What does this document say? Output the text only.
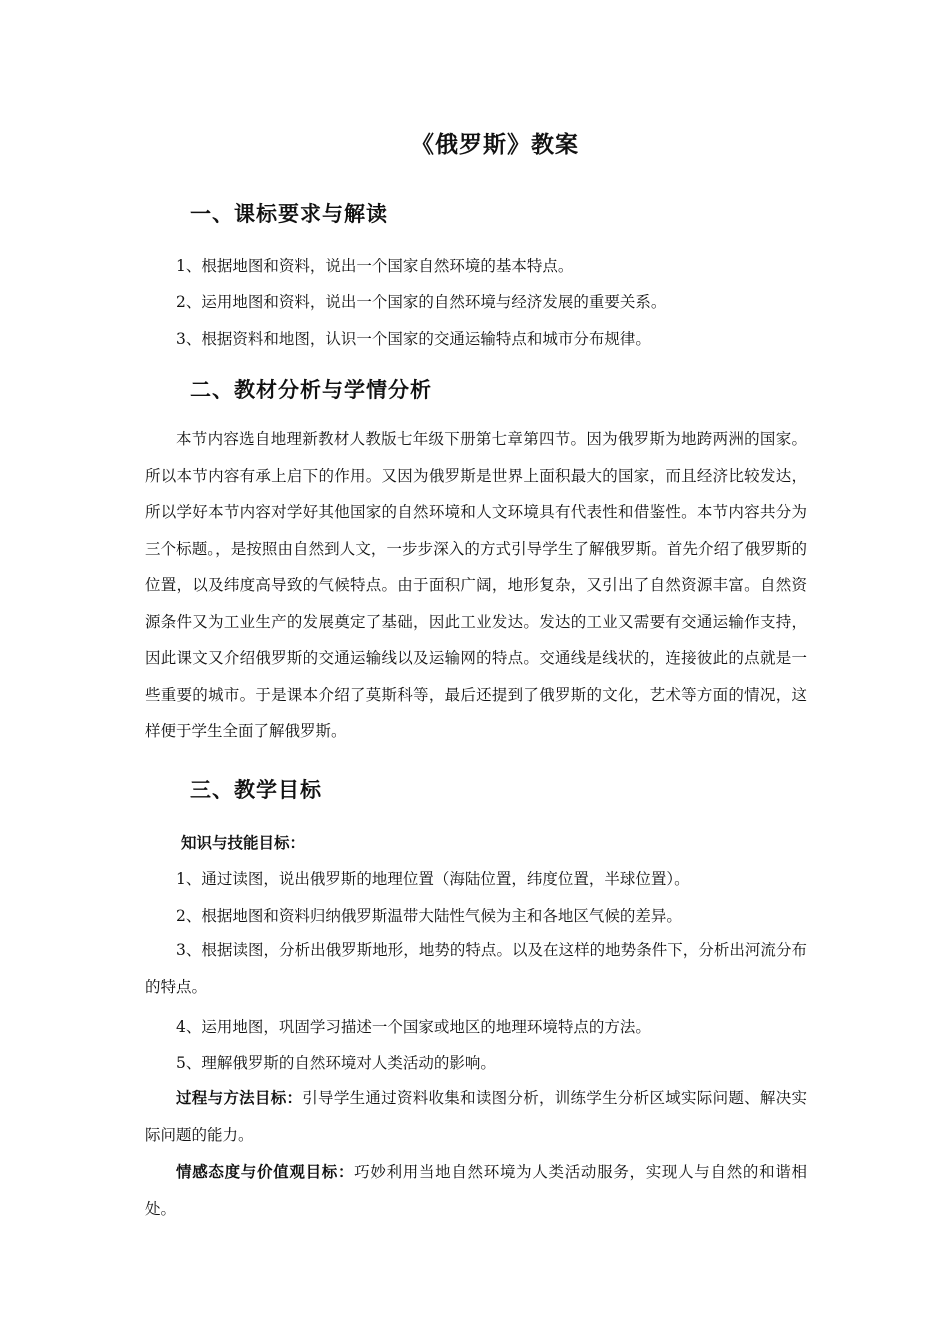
《俄罗斯》教案
一、课标要求与解读
1、根据地图和资料，说出一个国家自然环境的基本特点。
2、运用地图和资料，说出一个国家的自然环境与经济发展的重要关系。
3、根据资料和地图，认识一个国家的交通运输特点和城市分布规律。
二、教材分析与学情分析

本节内容选自地理新教材人教版七年级下册第七章第四节。因为俄罗斯为地跨两洲的国家。所以本节内容有承上启下的作用。又因为俄罗斯是世界上面积最大的国家，而且经济比较发达，所以学好本节内容对学好其他国家的自然环境和人文环境具有代表性和借鉴性。本节内容共分为三个标题。，是按照由自然到人文，一步步深入的方式引导学生了解俄罗斯。首先介绍了俄罗斯的位置，以及纬度高导致的气候特点。由于面积广阔，地形复杂，又引出了自然资源丰富。自然资源条件又为工业生产的发展奠定了基础，因此工业发达。发达的工业又需要有交通运输作支持，因此课文又介绍俄罗斯的交通运输线以及运输网的特点。交通线是线状的，连接彼此的点就是一些重要的城市。于是课本介绍了莫斯科等，最后还提到了俄罗斯的文化，艺术等方面的情况，这样便于学生全面了解俄罗斯。

三、教学目标
知识与技能目标：
1、通过读图，说出俄罗斯的地理位置（海陆位置，纬度位置，半球位置）。
2、根据地图和资料归纳俄罗斯温带大陆性气候为主和各地区气候的差异。

3、根据读图，分析出俄罗斯地形，地势的特点。以及在这样的地势条件下，分析出河流分布的特点。

4、运用地图，巩固学习描述一个国家或地区的地理环境特点的方法。
5、理解俄罗斯的自然环境对人类活动的影响。

过程与方法目标：引导学生通过资料收集和读图分析，训练学生分析区域实际问题、解决实际问题的能力。

情感态度与价值观目标：巧妙利用当地自然环境为人类活动服务，实现人与自然的和谐相处。
